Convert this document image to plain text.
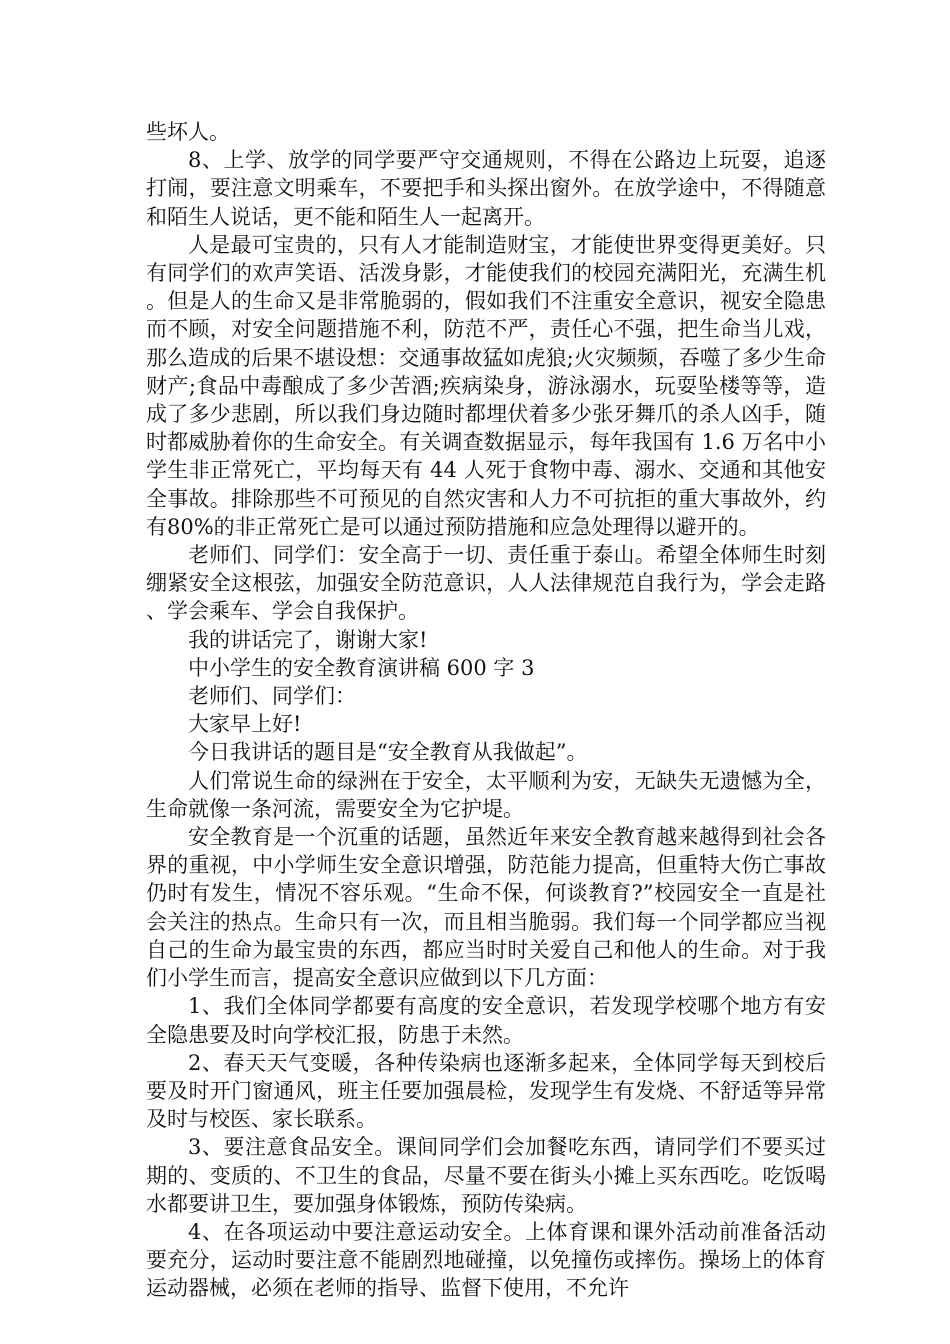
些坏人。

8、上学、放学的同学要严守交通规则，不得在公路边上玩耍，追逐打闹，要注意文明乘车，不要把手和头探出窗外。在放学途中，不得随意和陌生人说话，更不能和陌生人一起离开。

人是最可宝贵的，只有人才能制造财宝，才能使世界变得更美好。只有同学们的欢声笑语、活泼身影，才能使我们的校园充满阳光，充满生机。但是人的生命又是非常脆弱的，假如我们不注重安全意识，视安全隐患而不顾，对安全问题措施不利，防范不严，责任心不强，把生命当儿戏，那么造成的后果不堪设想：交通事故猛如虎狼;火灾频频，吞噬了多少生命财产;食品中毒酿成了多少苦酒;疾病染身，游泳溺水，玩耍坠楼等等，造成了多少悲剧，所以我们身边随时都埋伏着多少张牙舞爪的杀人凶手，随时都威胁着你的生命安全。有关调查数据显示，每年我国有 1.6 万名中小学生非正常死亡，平均每天有 44 人死于食物中毒、溺水、交通和其他安全事故。排除那些不可预见的自然灾害和人力不可抗拒的重大事故外，约有80%的非正常死亡是可以通过预防措施和应急处理得以避开的。

老师们、同学们：安全高于一切、责任重于泰山。希望全体师生时刻绷紧安全这根弦，加强安全防范意识，人人法律规范自我行为，学会走路、学会乘车、学会自我保护。

我的讲话完了，谢谢大家!

中小学生的安全教育演讲稿 600 字 3

老师们、同学们：

大家早上好!

今日我讲话的题目是“安全教育从我做起”。

人们常说生命的绿洲在于安全，太平顺利为安，无缺失无遗憾为全，生命就像一条河流，需要安全为它护堤。

安全教育是一个沉重的话题，虽然近年来安全教育越来越得到社会各界的重视，中小学师生安全意识增强，防范能力提高，但重特大伤亡事故仍时有发生，情况不容乐观。“生命不保，何谈教育?”校园安全一直是社会关注的热点。生命只有一次，而且相当脆弱。我们每一个同学都应当视自己的生命为最宝贵的东西，都应当时时关爱自己和他人的生命。对于我们小学生而言，提高安全意识应做到以下几方面：

1、我们全体同学都要有高度的安全意识，若发现学校哪个地方有安全隐患要及时向学校汇报，防患于未然。

2、春天天气变暖，各种传染病也逐渐多起来，全体同学每天到校后要及时开门窗通风，班主任要加强晨检，发现学生有发烧、不舒适等异常及时与校医、家长联系。

3、要注意食品安全。课间同学们会加餐吃东西，请同学们不要买过期的、变质的、不卫生的食品，尽量不要在街头小摊上买东西吃。吃饭喝水都要讲卫生，要加强身体锻炼，预防传染病。

4、在各项运动中要注意运动安全。上体育课和课外活动前准备活动要充分，运动时要注意不能剧烈地碰撞，以免撞伤或摔伤。操场上的体育运动器械，必须在老师的指导、监督下使用，不允许
